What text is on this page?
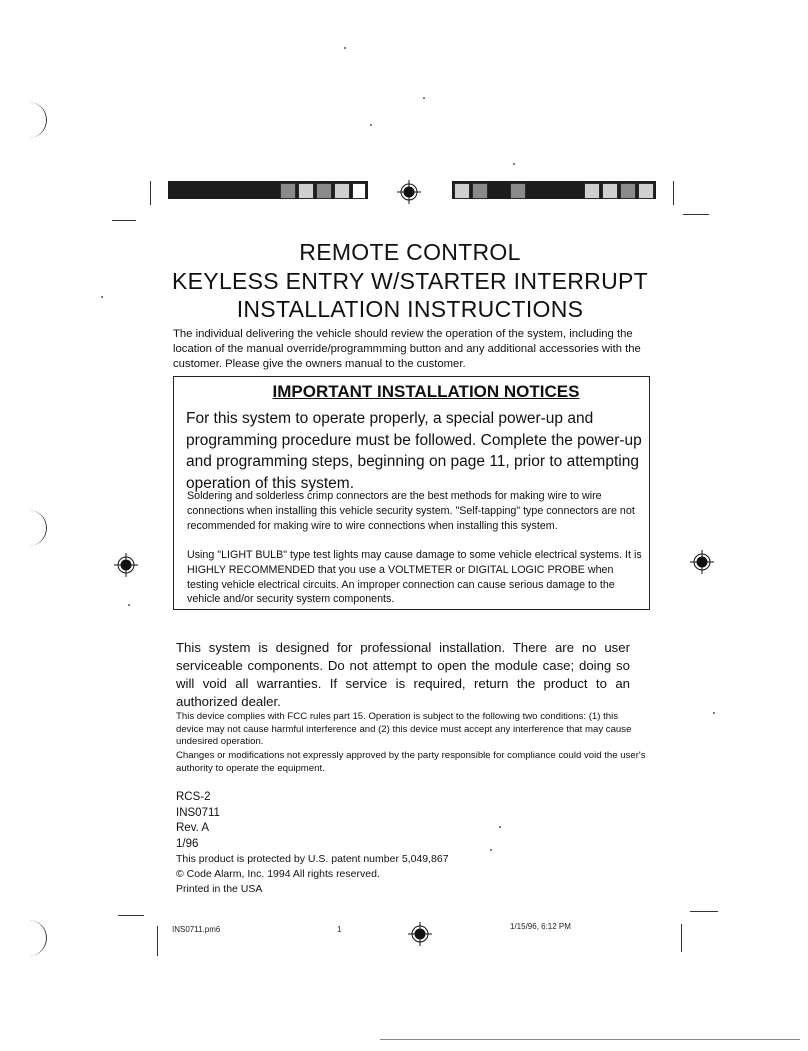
REMOTE CONTROL
KEYLESS ENTRY W/STARTER INTERRUPT
INSTALLATION INSTRUCTIONS
The individual delivering the vehicle should review the operation of the system, including the location of the manual override/programmming button and any additional accessories with the customer. Please give the owners manual to the customer.
IMPORTANT INSTALLATION NOTICES
For this system to operate properly, a special power-up and programming procedure must be followed. Complete the power-up and programming steps, beginning on page 11, prior to attempting operation of this system.
Soldering and solderless crimp connectors are the best methods for making wire to wire connections when installing this vehicle security system. "Self-tapping" type connectors are not recommended for making wire to wire connections when installing this system.
Using "LIGHT BULB" type test lights may cause damage to some vehicle electrical systems. It is HIGHLY RECOMMENDED that you use a VOLTMETER or DIGITAL LOGIC PROBE when testing vehicle electrical circuits. An improper connection can cause serious damage to the vehicle and/or security system components.
This system is designed for professional installation. There are no user serviceable components. Do not attempt to open the module case; doing so will void all warranties. If service is required, return the product to an authorized dealer.
This device complies with FCC rules part 15. Operation is subject to the following two conditions: (1) this device may not cause harmful interference and (2) this device must accept any interference that may cause undesired operation.
Changes or modifications not expressly approved by the party responsible for compliance could void the user's authority to operate the equipment.
RCS-2
INS0711
Rev. A
1/96
This product is protected by U.S. patent number 5,049,867
© Code Alarm, Inc. 1994 All rights reserved.
Printed in the USA
INS0711.pm6	1	1/15/96, 6:12 PM
